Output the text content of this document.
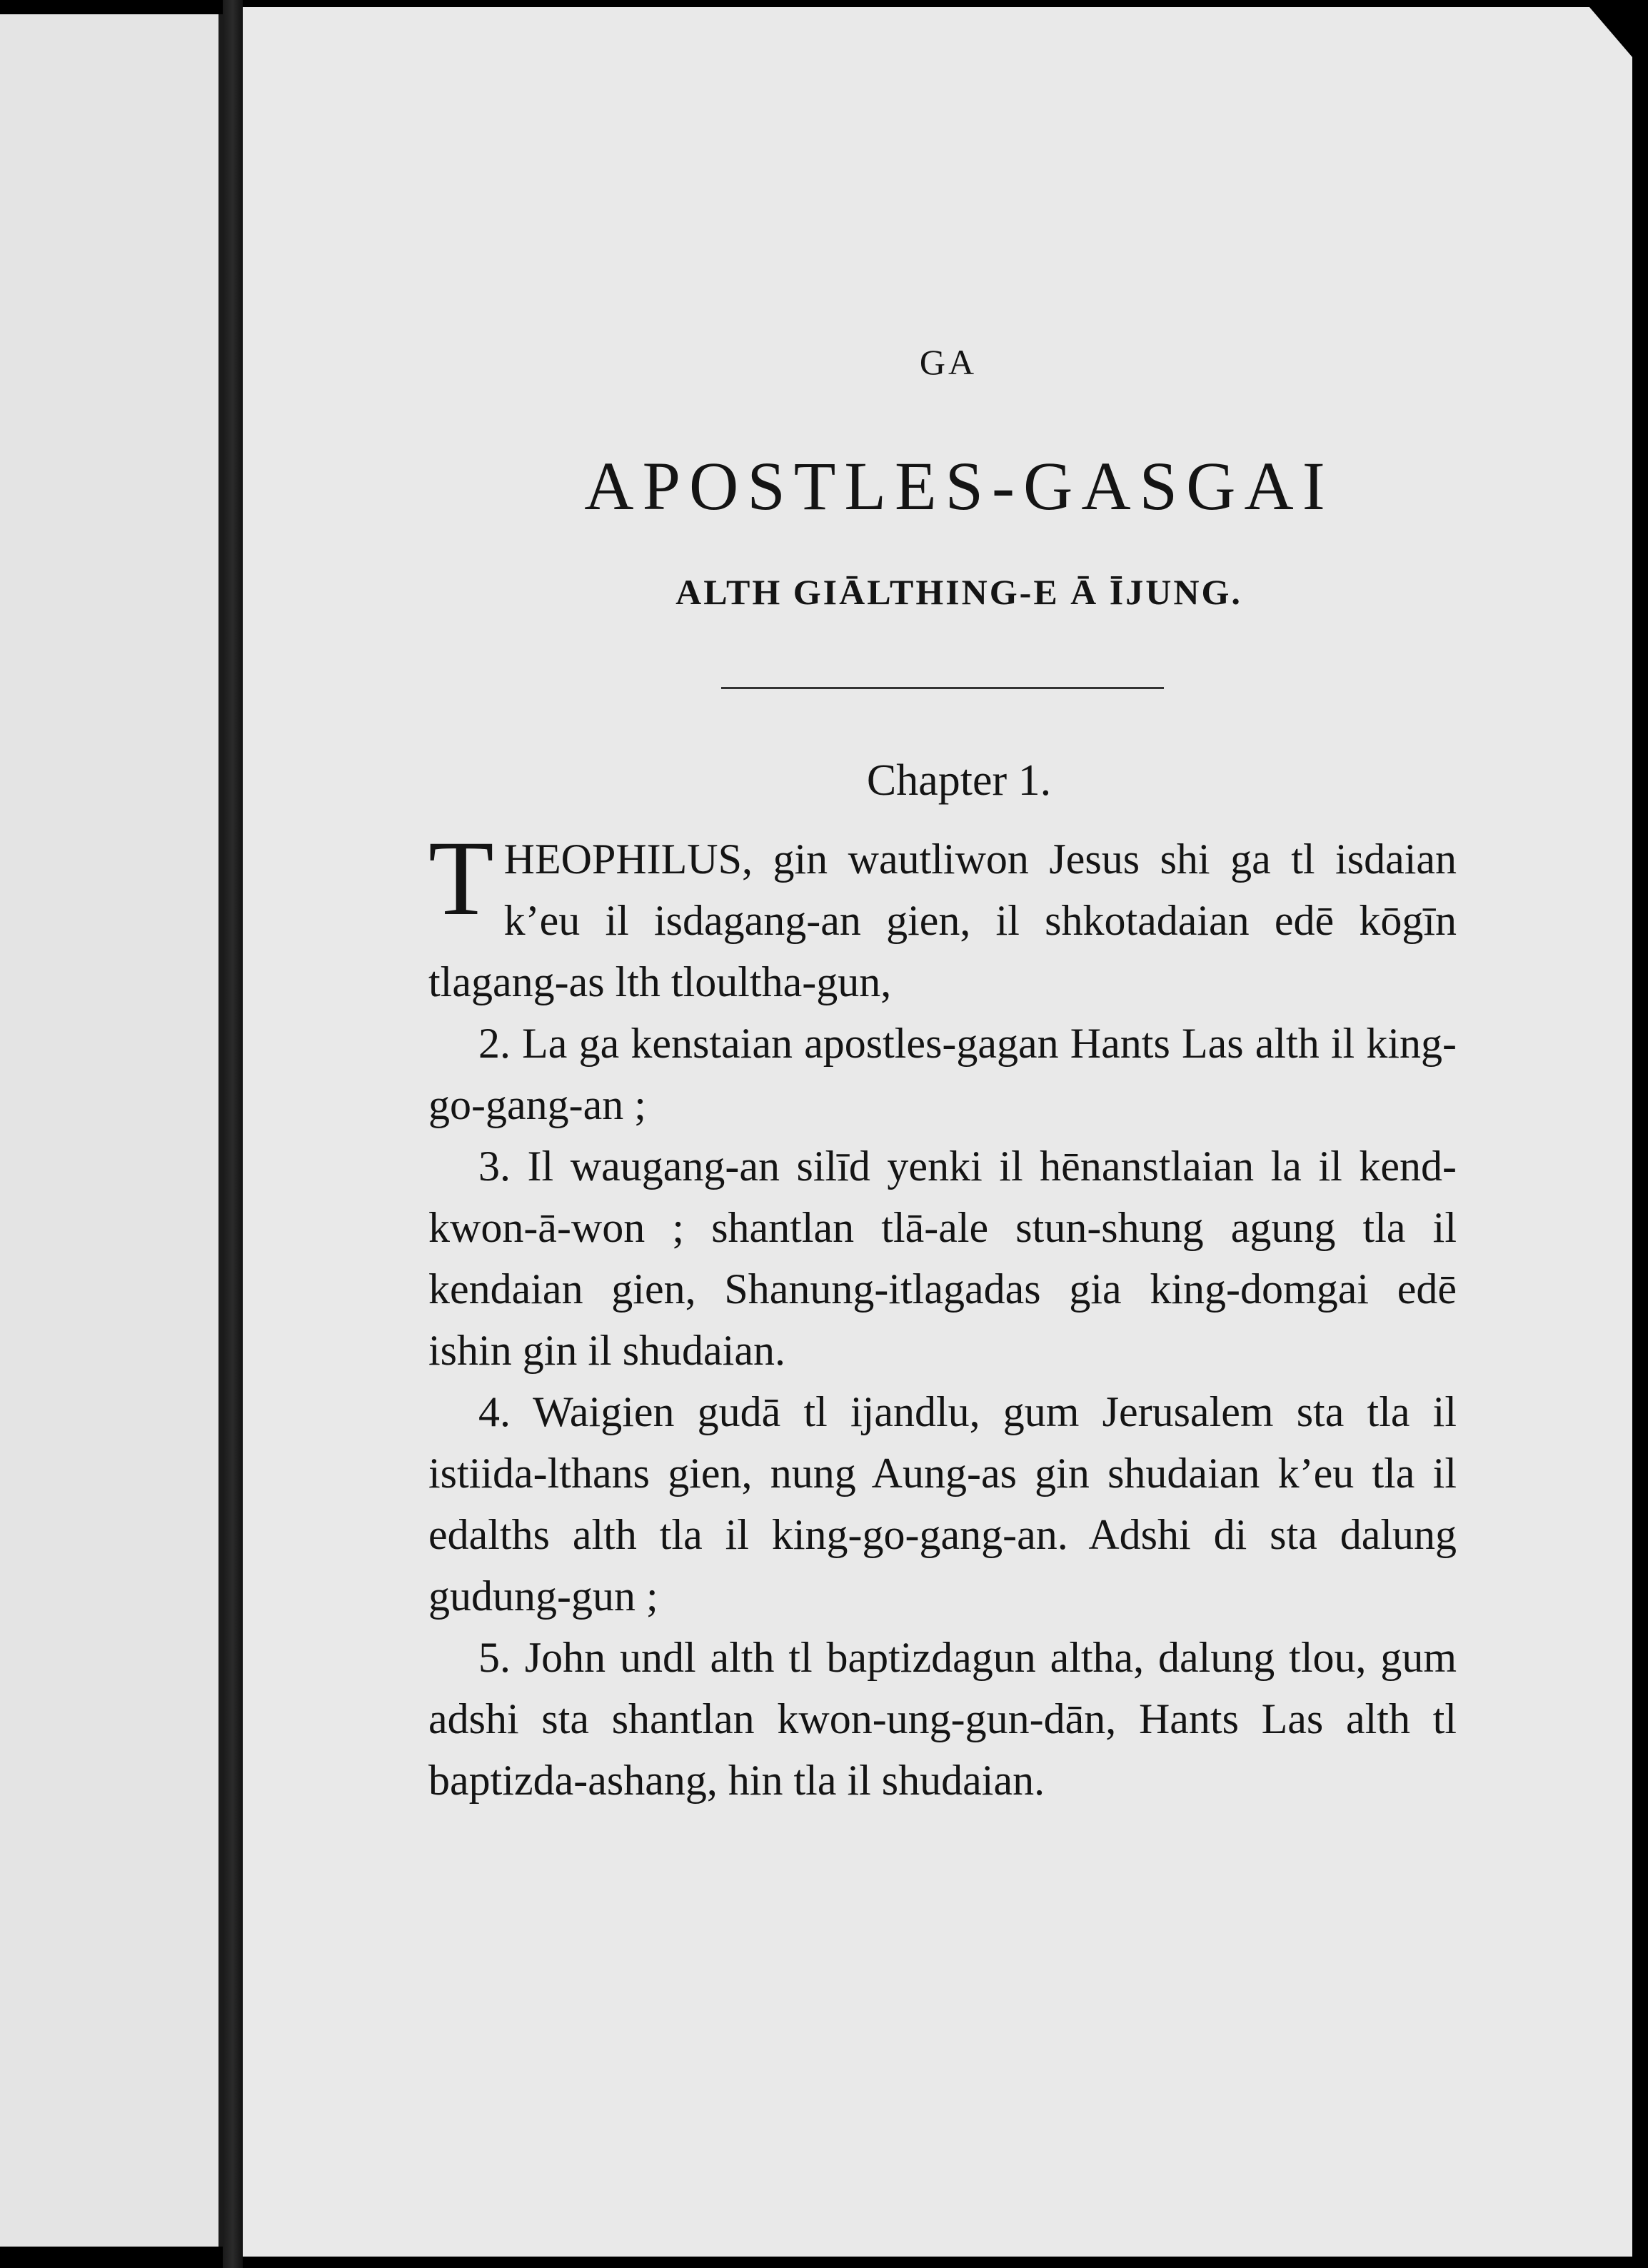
GA
APOSTLES-GASGAI
ALTH GIĀLTHING-E Ā ĪJUNG.
Chapter 1.

THEOPHILUS, gin wautliwon Jesus shi ga tl isdaian k’eu il isdagang-an gien, il shkotadaian edē kōgīn tlagang-as lth tloultha-gun,

2. La ga kenstaian apostles-gagan Hants Las alth il king-go-gang-an ;

3. Il waugang-an silīd yenki il hēnanstlaian la il kend-kwon-ā-won ; shantlan tlā-ale stun-shung agung tla il kendaian gien, Shanung-itlagadas gia king-domgai edē ishin gin il shudaian.

4. Waigien gudā tl ijandlu, gum Jerusalem sta tla il istiida-lthans gien, nung Aung-as gin shudaian k’eu tla il edalths alth tla il king-go-gang-an. Adshi di sta dalung gudung-gun ;

5. John undl alth tl baptizdagun altha, dalung tlou, gum adshi sta shantlan kwon-ung-gun-dān, Hants Las alth tl baptizda-ashang, hin tla il shudaian.
